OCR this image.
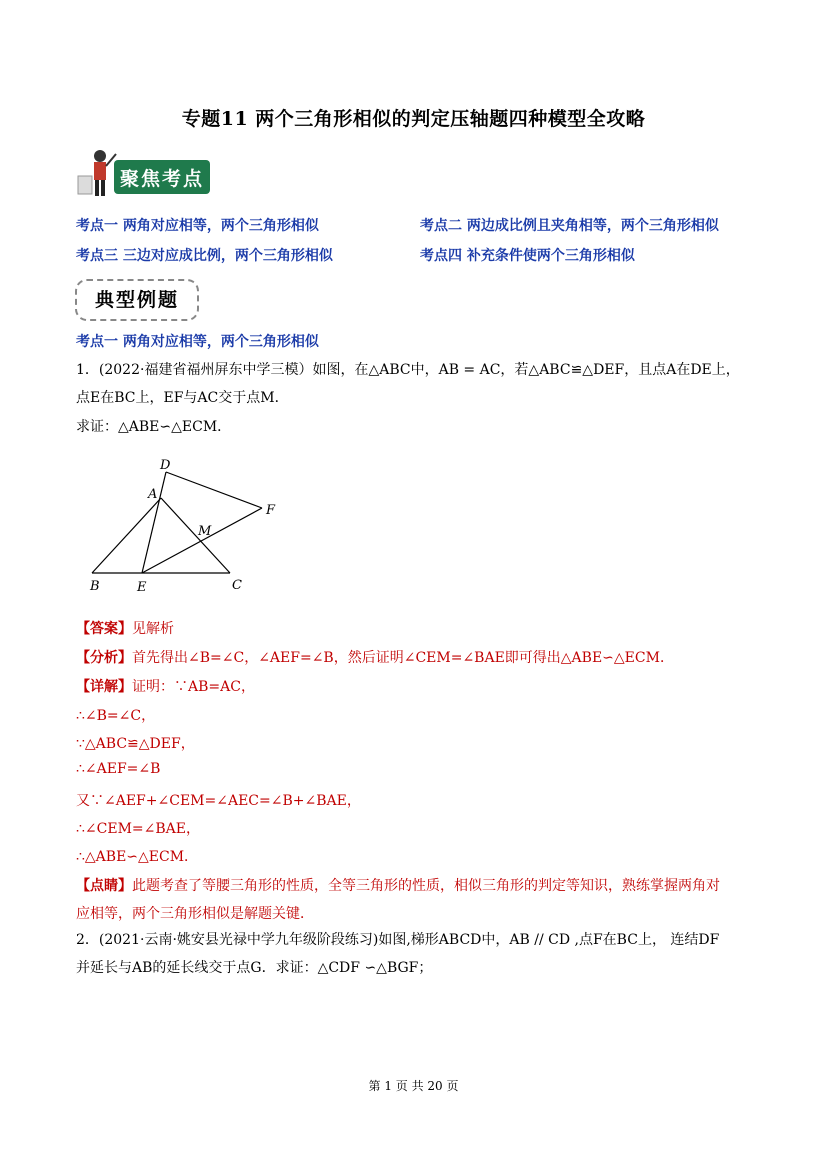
专题11 两个三角形相似的判定压轴题四种模型全攻略
聚焦考点
考点一 两角对应相等，两个三角形相似	考点二 两边成比例且夹角相等，两个三角形相似
考点三 三边对应成比例，两个三角形相似	考点四 补充条件使两个三角形相似
典型例题
考点一 两角对应相等，两个三角形相似
1．(2022·福建省福州屏东中学三模）如图，在△ABC中，AB = AC，若△ABC≌△DEF，且点A在DE上，
点E在BC上，EF与AC交于点M．
求证：△ABE∽△ECM．
D
A
F
M
B	E	C
【答案】见解析
【分析】首先得出∠B=∠C，∠AEF=∠B，然后证明∠CEM=∠BAE即可得出△ABE∽△ECM．
【详解】证明：∵AB=AC，
∴∠B=∠C，
∵△ABC≌△DEF，
∴∠AEF=∠B
又∵∠AEF+∠CEM=∠AEC=∠B+∠BAE，
∴∠CEM=∠BAE，
∴△ABE∽△ECM．
【点睛】此题考查了等腰三角形的性质，全等三角形的性质，相似三角形的判定等知识，熟练掌握两角对
应相等，两个三角形相似是解题关键．
2．(2021·云南·姚安县光禄中学九年级阶段练习)如图,梯形ABCD中，AB // CD ,点F在BC上， 连结DF
并延长与AB的延长线交于点G．求证：△CDF ∽△BGF；
第 1 页 共 20 页
